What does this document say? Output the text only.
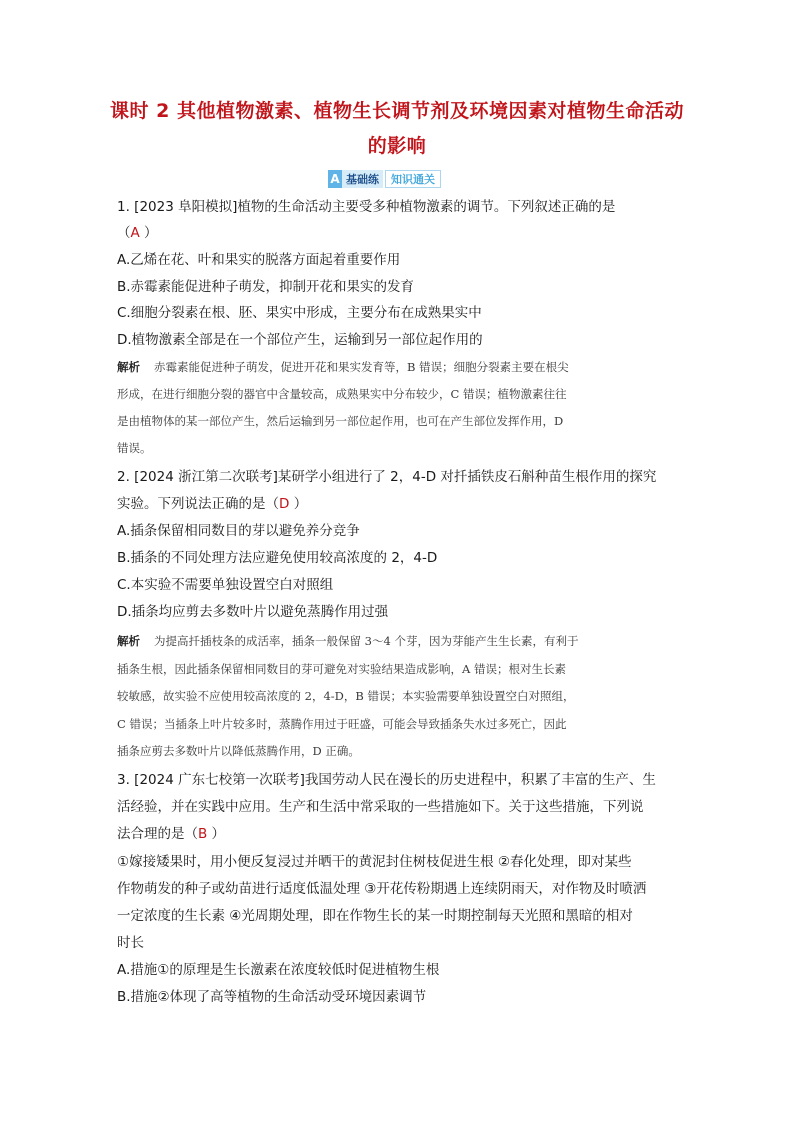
课时 2 其他植物激素、植物生长调节剂及环境因素对植物生命活动
的影响
A 基础练	知识通关
1. [2023 阜阳模拟]植物的生命活动主要受多种植物激素的调节。下列叙述正确的是
（A ）
A.乙烯在花、叶和果实的脱落方面起着重要作用
B.赤霉素能促进种子萌发，抑制开花和果实的发育
C.细胞分裂素在根、胚、果实中形成，主要分布在成熟果实中
D.植物激素全部是在一个部位产生，运输到另一部位起作用的
解析 赤霉素能促进种子萌发，促进开花和果实发育等，B 错误；细胞分裂素主要在根尖
形成，在进行细胞分裂的器官中含量较高，成熟果实中分布较少，C 错误；植物激素往往
是由植物体的某一部位产生，然后运输到另一部位起作用，也可在产生部位发挥作用，D
错误。
2. [2024 浙江第二次联考]某研学小组进行了 2，4-D 对扦插铁皮石斛种苗生根作用的探究
实验。下列说法正确的是（D ）
A.插条保留相同数目的芽以避免养分竞争
B.插条的不同处理方法应避免使用较高浓度的 2，4-D
C.本实验不需要单独设置空白对照组
D.插条均应剪去多数叶片以避免蒸腾作用过强
解析 为提高扦插枝条的成活率，插条一般保留 3～4 个芽，因为芽能产生生长素，有利于
插条生根，因此插条保留相同数目的芽可避免对实验结果造成影响，A 错误；根对生长素
较敏感，故实验不应使用较高浓度的 2，4-D，B 错误；本实验需要单独设置空白对照组，
C 错误；当插条上叶片较多时，蒸腾作用过于旺盛，可能会导致插条失水过多死亡，因此
插条应剪去多数叶片以降低蒸腾作用，D 正确。
3. [2024 广东七校第一次联考]我国劳动人民在漫长的历史进程中，积累了丰富的生产、生
活经验，并在实践中应用。生产和生活中常采取的一些措施如下。关于这些措施，下列说
法合理的是（B ）
①嫁接矮果时，用小便反复浸过并晒干的黄泥封住树枝促进生根 ②春化处理，即对某些
作物萌发的种子或幼苗进行适度低温处理 ③开花传粉期遇上连续阴雨天，对作物及时喷洒
一定浓度的生长素 ④光周期处理，即在作物生长的某一时期控制每天光照和黑暗的相对
时长
A.措施①的原理是生长激素在浓度较低时促进植物生根
B.措施②体现了高等植物的生命活动受环境因素调节
